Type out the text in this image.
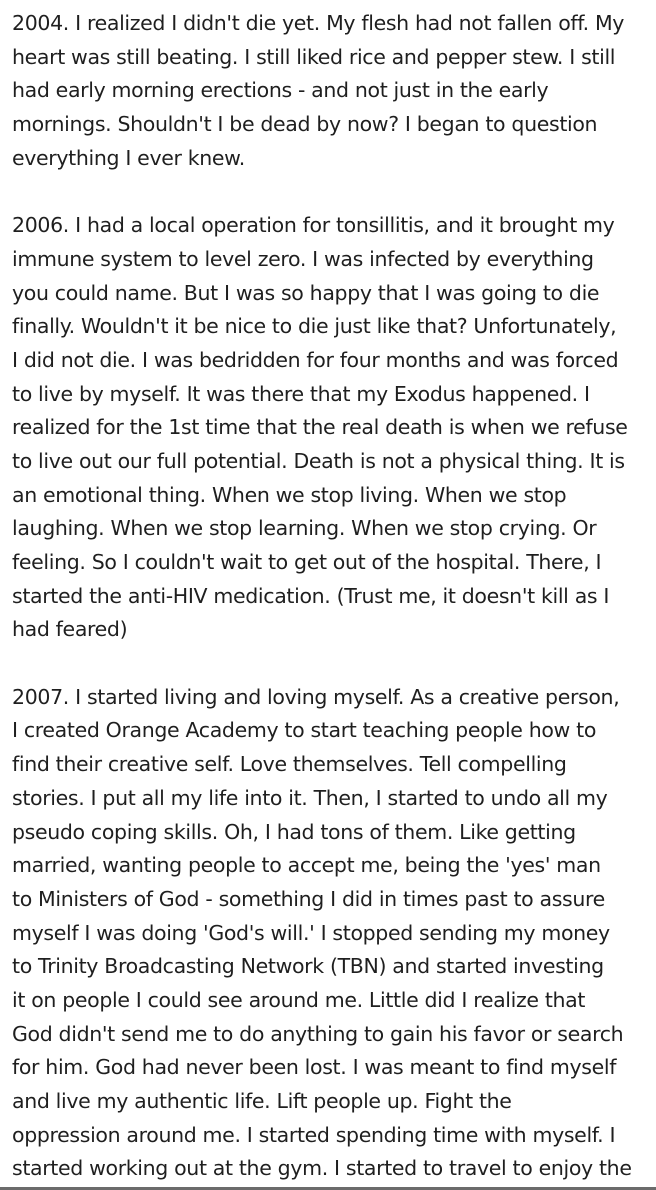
2004. I realized I didn't die yet. My flesh had not fallen off. My
heart was still beating. I still liked rice and pepper stew. I still
had early morning erections - and not just in the early
mornings. Shouldn't I be dead by now? I began to question
everything I ever knew.
2006. I had a local operation for tonsillitis, and it brought my
immune system to level zero. I was infected by everything
you could name. But I was so happy that I was going to die
finally. Wouldn't it be nice to die just like that? Unfortunately,
I did not die. I was bedridden for four months and was forced
to live by myself. It was there that my Exodus happened. I
realized for the 1st time that the real death is when we refuse
to live out our full potential. Death is not a physical thing. It is
an emotional thing. When we stop living. When we stop
laughing. When we stop learning. When we stop crying. Or
feeling. So I couldn't wait to get out of the hospital. There, I
started the anti-HIV medication. (Trust me, it doesn't kill as I
had feared)
2007. I started living and loving myself. As a creative person,
I created Orange Academy to start teaching people how to
find their creative self. Love themselves. Tell compelling
stories. I put all my life into it. Then, I started to undo all my
pseudo coping skills. Oh, I had tons of them. Like getting
married, wanting people to accept me, being the 'yes' man
to Ministers of God - something I did in times past to assure
myself I was doing 'God's will.' I stopped sending my money
to Trinity Broadcasting Network (TBN) and started investing
it on people I could see around me. Little did I realize that
God didn't send me to do anything to gain his favor or search
for him. God had never been lost. I was meant to find myself
and live my authentic life. Lift people up. Fight the
oppression around me. I started spending time with myself. I
started working out at the gym. I started to travel to enjoy the
